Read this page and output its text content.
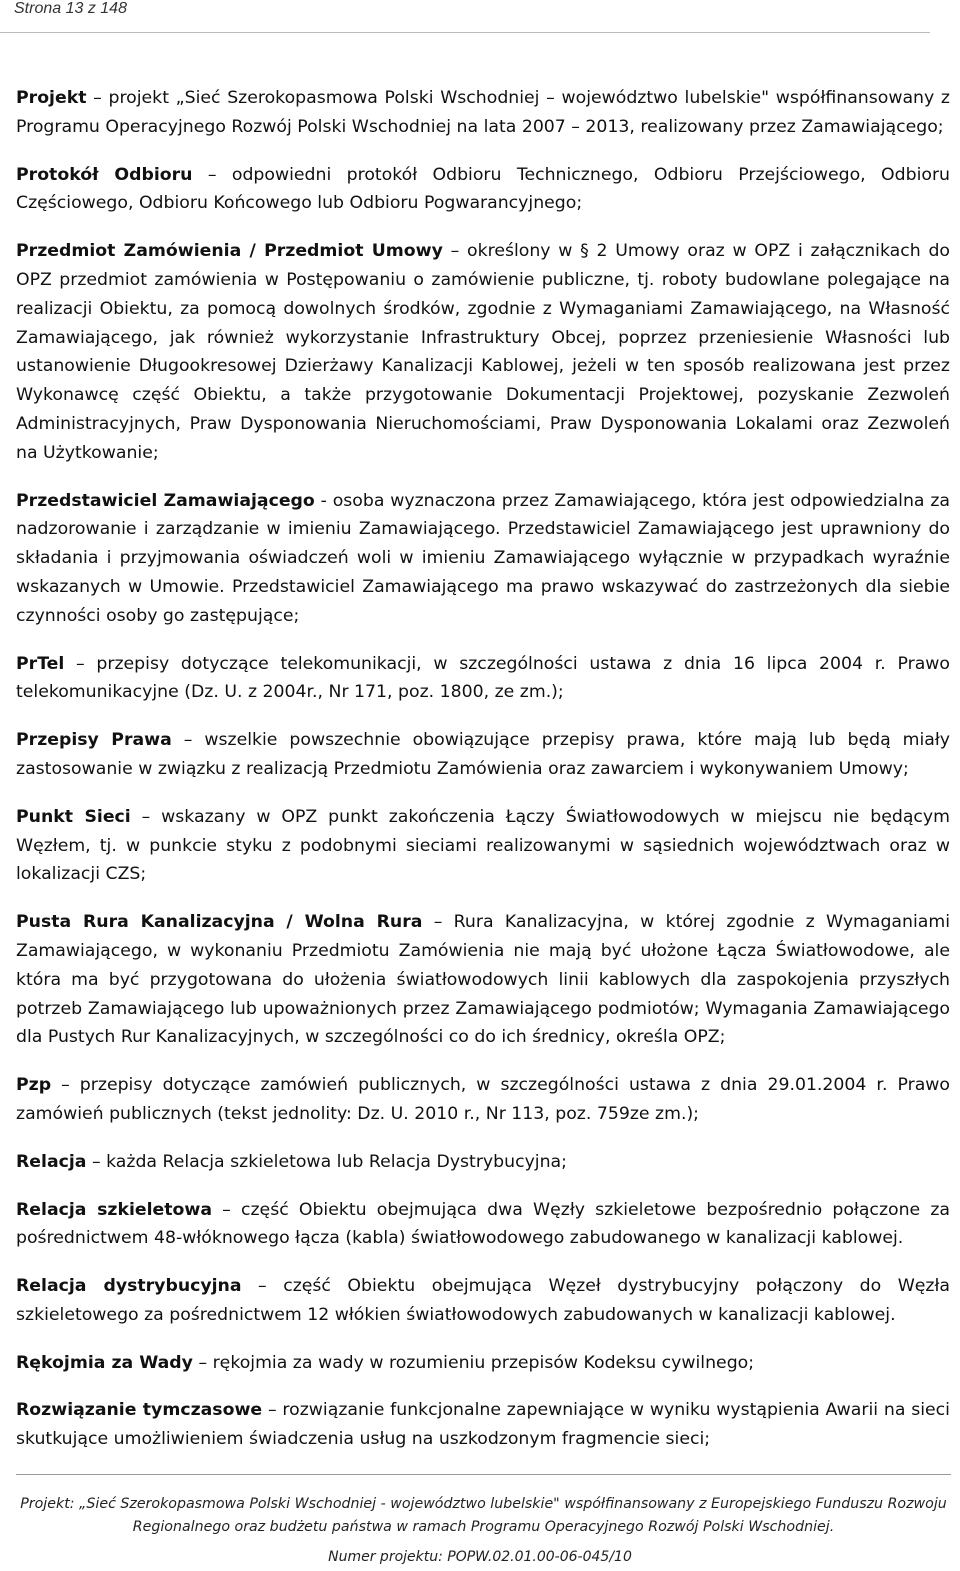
Strona 13 z 148

Projekt – projekt „Sieć Szerokopasmowa Polski Wschodniej – województwo lubelskie" współfinansowany z Programu Operacyjnego Rozwój Polski Wschodniej na lata 2007 – 2013, realizowany przez Zamawiającego;

Protokół Odbioru – odpowiedni protokół Odbioru Technicznego, Odbioru Przejściowego, Odbioru Częściowego, Odbioru Końcowego lub Odbioru Pogwarancyjnego;

Przedmiot Zamówienia / Przedmiot Umowy – określony w § 2 Umowy oraz w OPZ i załącznikach do OPZ przedmiot zamówienia w Postępowaniu o zamówienie publiczne, tj. roboty budowlane polegające na realizacji Obiektu, za pomocą dowolnych środków, zgodnie z Wymaganiami Zamawiającego, na Własność Zamawiającego, jak również wykorzystanie Infrastruktury Obcej, poprzez przeniesienie Własności lub ustanowienie Długookresowej Dzierżawy Kanalizacji Kablowej, jeżeli w ten sposób realizowana jest przez Wykonawcę część Obiektu, a także przygotowanie Dokumentacji Projektowej, pozyskanie Zezwoleń Administracyjnych, Praw Dysponowania Nieruchomościami, Praw Dysponowania Lokalami oraz Zezwoleń na Użytkowanie;

Przedstawiciel Zamawiającego - osoba wyznaczona przez Zamawiającego, która jest odpowiedzialna za nadzorowanie i zarządzanie w imieniu Zamawiającego. Przedstawiciel Zamawiającego jest uprawniony do składania i przyjmowania oświadczeń woli w imieniu Zamawiającego wyłącznie w przypadkach wyraźnie wskazanych w Umowie. Przedstawiciel Zamawiającego ma prawo wskazywać do zastrzeżonych dla siebie czynności osoby go zastępujące;

PrTel – przepisy dotyczące telekomunikacji, w szczególności ustawa z dnia 16 lipca 2004 r. Prawo telekomunikacyjne (Dz. U. z 2004r., Nr 171, poz. 1800, ze zm.);

Przepisy Prawa – wszelkie powszechnie obowiązujące przepisy prawa, które mają lub będą miały zastosowanie w związku z realizacją Przedmiotu Zamówienia oraz zawarciem i wykonywaniem Umowy;

Punkt Sieci – wskazany w OPZ punkt zakończenia Łączy Światłowodowych w miejscu nie będącym Węzłem, tj. w punkcie styku z podobnymi sieciami realizowanymi w sąsiednich województwach oraz w lokalizacji CZS;

Pusta Rura Kanalizacyjna / Wolna Rura – Rura Kanalizacyjna, w której zgodnie z Wymaganiami Zamawiającego, w wykonaniu Przedmiotu Zamówienia nie mają być ułożone Łącza Światłowodowe, ale która ma być przygotowana do ułożenia światłowodowych linii kablowych dla zaspokojenia przyszłych potrzeb Zamawiającego lub upoważnionych przez Zamawiającego podmiotów; Wymagania Zamawiającego dla Pustych Rur Kanalizacyjnych, w szczególności co do ich średnicy, określa OPZ;

Pzp – przepisy dotyczące zamówień publicznych, w szczególności ustawa z dnia 29.01.2004 r. Prawo zamówień publicznych (tekst jednolity: Dz. U. 2010 r., Nr 113, poz. 759ze zm.);

Relacja – każda Relacja szkieletowa lub Relacja Dystrybucyjna;

Relacja szkieletowa – część Obiektu obejmująca dwa Węzły szkieletowe bezpośrednio połączone za pośrednictwem 48-włóknowego łącza (kabla) światłowodowego zabudowanego w kanalizacji kablowej.

Relacja dystrybucyjna – część Obiektu obejmująca Węzeł dystrybucyjny połączony do Węzła szkieletowego za pośrednictwem 12 włókien światłowodowych zabudowanych w kanalizacji kablowej.

Rękojmia za Wady – rękojmia za wady w rozumieniu przepisów Kodeksu cywilnego;

Rozwiązanie tymczasowe – rozwiązanie funkcjonalne zapewniające w wyniku wystąpienia Awarii na sieci skutkujące umożliwieniem świadczenia usług na uszkodzonym fragmencie sieci;

Projekt: „Sieć Szerokopasmowa Polski Wschodniej - województwo lubelskie" współfinansowany z Europejskiego Funduszu Rozwoju Regionalnego oraz budżetu państwa w ramach Programu Operacyjnego Rozwój Polski Wschodniej.
Numer projektu: POPW.02.01.00-06-045/10
